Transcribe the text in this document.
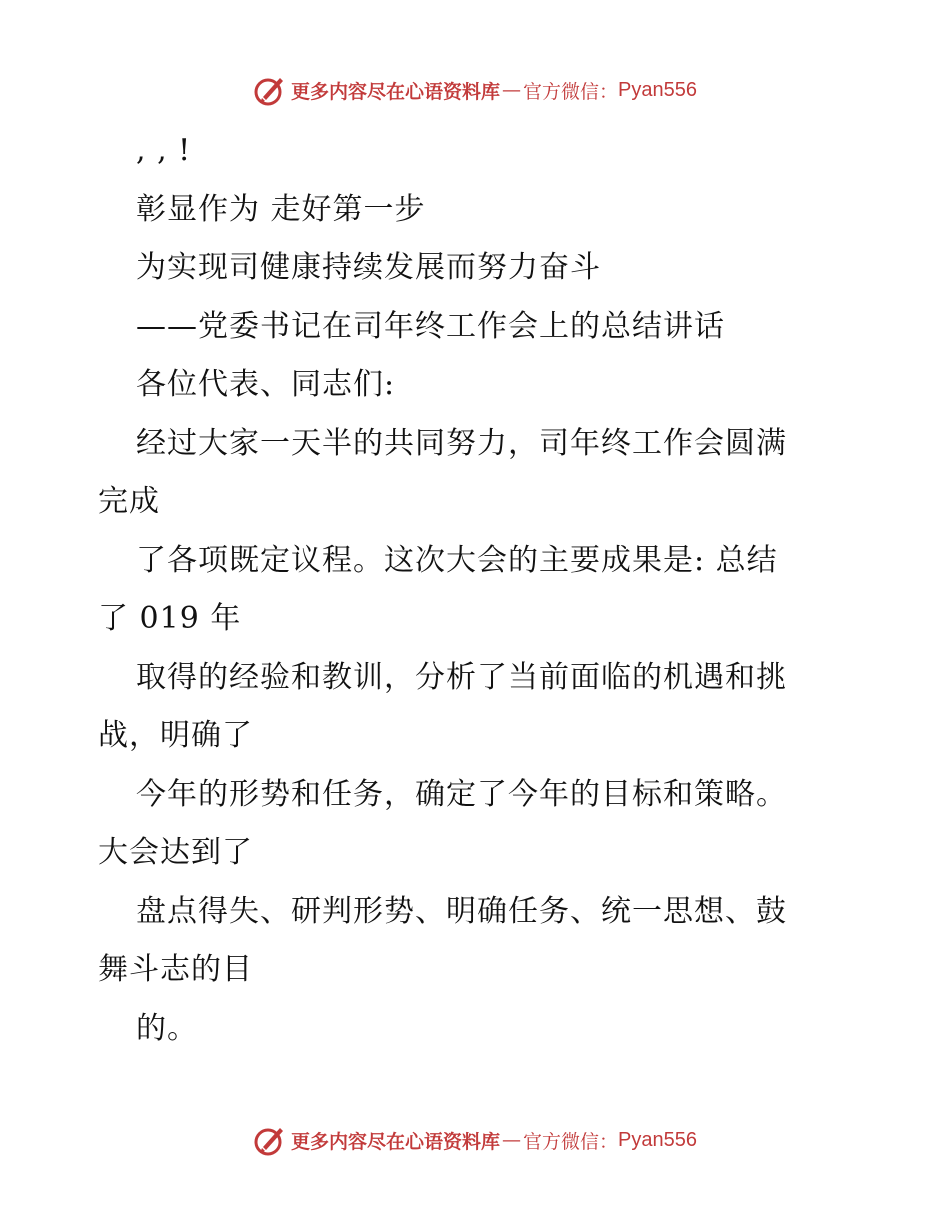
更多内容尽在心语资料库 — 官方微信： Pyan556
, , !
彰显作为 走好第一步
为实现司健康持续发展而努力奋斗
——党委书记在司年终工作会上的总结讲话
各位代表、同志们:
经过大家一天半的共同努力，司年终工作会圆满
完成
了各项既定议程。这次大会的主要成果是: 总结
了 019 年
取得的经验和教训，分析了当前面临的机遇和挑
战，明确了
今年的形势和任务，确定了今年的目标和策略。
大会达到了
盘点得失、研判形势、明确任务、统一思想、鼓
舞斗志的目
的。
更多内容尽在心语资料库 — 官方微信： Pyan556
